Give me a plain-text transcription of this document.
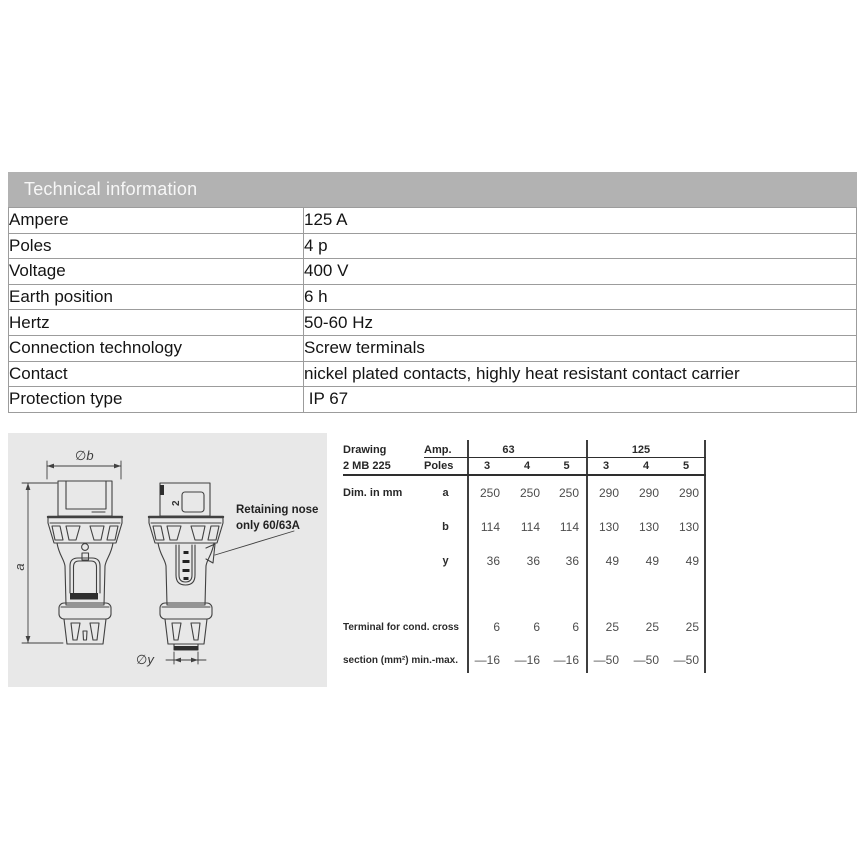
Technical information
Ampere	125 A
Poles	4 p
Voltage	400 V
Earth position	6 h
Hertz	50-60 Hz
Connection technology	Screw terminals
Contact	nickel plated contacts, highly heat resistant contact carrier
Protection type	IP 67
∅b
a
∅y
2
Retaining nose
only 60/63A
Drawing	Amp.	63	125
2 MB 225	Poles	3	4	5	3	4	5
Dim. in mm	a	250	250	250	290	290	290
b	114	114	114	130	130	130
y	36	36	36	49	49	49
Terminal for cond. cross	6	6	6	25	25	25
section (mm²) min.-max.	—16	—16	—16	—50	—50	—50
